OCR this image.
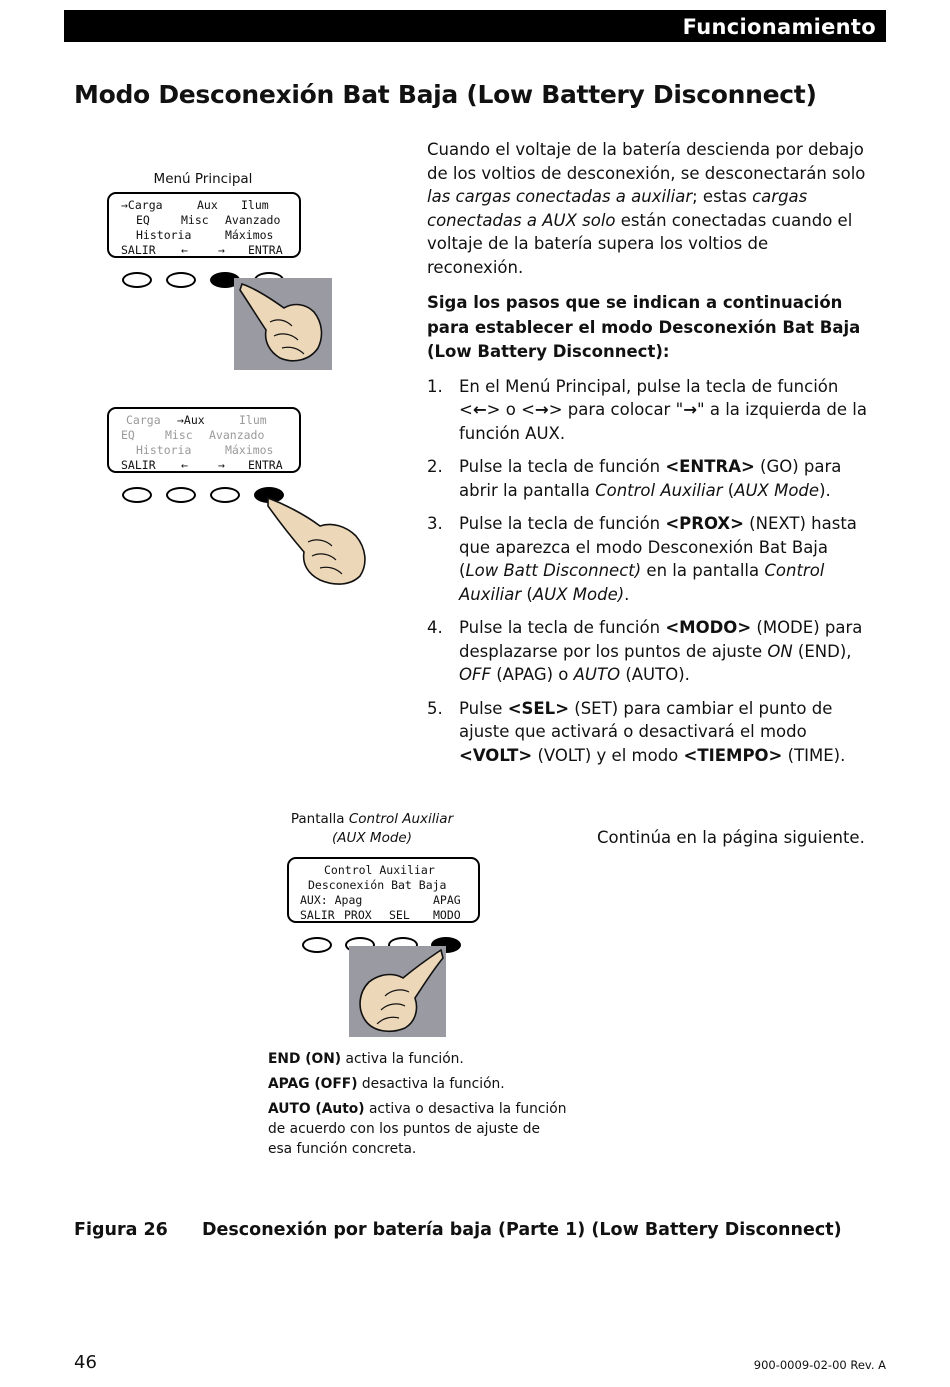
Funcionamiento
Modo Desconexión Bat Baja (Low Battery Disconnect)

Cuando el voltaje de la batería descienda por debajo de los voltios de desconexión, se desconectarán solo las cargas conectadas a auxiliar; estas cargas conectadas a AUX solo están conectadas cuando el voltaje de la batería supera los voltios de reconexión.

Siga los pasos que se indican a continuación para establecer el modo Desconexión Bat Baja (Low Battery Disconnect):

1. En el Menú Principal, pulse la tecla de función <←> o <→> para colocar "→" a la izquierda de la función AUX.
2. Pulse la tecla de función <ENTRA> (GO) para abrir la pantalla Control Auxiliar (AUX Mode).
3. Pulse la tecla de función <PROX> (NEXT) hasta que aparezca el modo Desconexión Bat Baja (Low Batt Disconnect) en la pantalla Control Auxiliar (AUX Mode).
4. Pulse la tecla de función <MODO> (MODE) para desplazarse por los puntos de ajuste ON (END), OFF (APAG) o AUTO (AUTO).
5. Pulse <SEL> (SET) para cambiar el punto de ajuste que activará o desactivará el modo <VOLT> (VOLT) y el modo <TIEMPO> (TIME).
Menú Principal
→Carga	Aux Ilum
EQ	Misc Avanzado
Historia	Máximos
SALIR ←	→ ENTRA
Carga →Aux	Ilum
EQ	Misc Avanzado
Historia	Máximos
SALIR ←	→ ENTRA
Pantalla Control Auxiliar
(AUX Mode)
Control Auxiliar
Desconexión Bat Baja
AUX: Apag	APAG
SALIR PROX SEL MODO
Continúa en la página siguiente.

END (ON) activa la función.

APAG (OFF) desactiva la función.

AUTO (Auto) activa o desactiva la función de acuerdo con los puntos de ajuste de esa función concreta.

Figura 26 Desconexión por batería baja (Parte 1) (Low Battery Disconnect)
46	900-0009-02-00 Rev. A
